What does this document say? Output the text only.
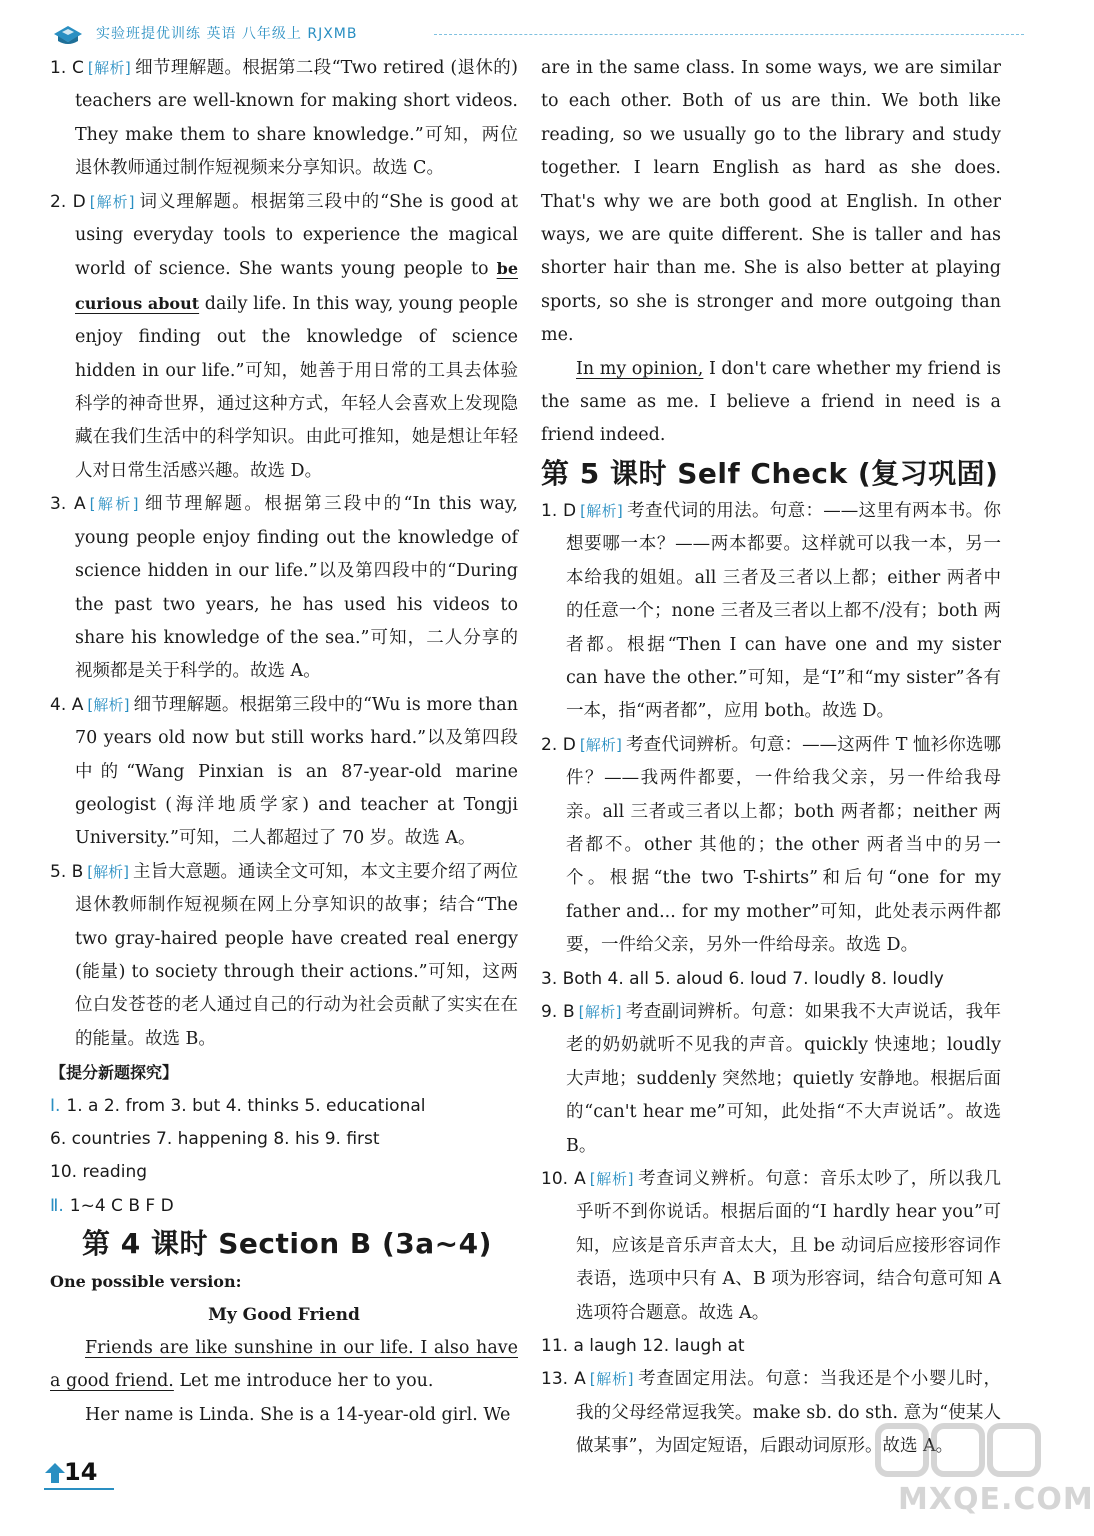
实验班提优训练 英语 八年级上 RJXMB

1. C [解析] 细节理解题。根据第二段“Two retired (退休的) teachers are well-known for making short videos. They make them to share knowledge.”可知，两位退休教师通过制作短视频来分享知识。故选 C。

2. D [解析] 词义理解题。根据第三段中的“She is good at using everyday tools to experience the magical world of science. She wants young people to be curious about daily life. In this way, young people enjoy finding out the knowledge of science hidden in our life.”可知，她善于用日常的工具去体验科学的神奇世界，通过这种方式，年轻人会喜欢上发现隐藏在我们生活中的科学知识。由此可推知，她是想让年轻人对日常生活感兴趣。故选 D。

3. A [解析] 细节理解题。根据第三段中的“In this way, young people enjoy finding out the knowledge of science hidden in our life.”以及第四段中的“During the past two years, he has used his videos to share his knowledge of the sea.”可知，二人分享的视频都是关于科学的。故选 A。

4. A [解析] 细节理解题。根据第三段中的“Wu is more than 70 years old now but still works hard.”以及第四段中的“Wang Pinxian is an 87-year-old marine geologist (海洋地质学家) and teacher at Tongji University.”可知，二人都超过了 70 岁。故选 A。

5. B [解析] 主旨大意题。通读全文可知，本文主要介绍了两位退休教师制作短视频在网上分享知识的故事；结合“The two gray-haired people have created real energy (能量) to society through their actions.”可知，这两位白发苍苍的老人通过自己的行动为社会贡献了实实在在的能量。故选 B。

【提分新题探究】

Ⅰ. 1. a 2. from 3. but 4. thinks 5. educational

6. countries 7. happening 8. his 9. first

10. reading

Ⅱ. 1~4 C B F D

第 4 课时 Section B (3a~4)

One possible version:

My Good Friend

Friends are like sunshine in our life. I also have a good friend. Let me introduce her to you.

Her name is Linda. She is a 14-year-old girl. We

are in the same class. In some ways, we are similar to each other. Both of us are thin. We both like reading, so we usually go to the library and study together. I learn English as hard as she does. That's why we are both good at English. In other ways, we are quite different. She is taller and has shorter hair than me. She is also better at playing sports, so she is stronger and more outgoing than me.

In my opinion, I don't care whether my friend is the same as me. I believe a friend in need is a friend indeed.

第 5 课时 Self Check (复习巩固)

1. D [解析] 考查代词的用法。句意：——这里有两本书。你想要哪一本？——两本都要。这样就可以我一本，另一本给我的姐姐。all 三者及三者以上都；either 两者中的任意一个；none 三者及三者以上都不/没有；both 两者都。根据“Then I can have one and my sister can have the other.”可知，是“I”和“my sister”各有一本，指“两者都”，应用 both。故选 D。

2. D [解析] 考查代词辨析。句意：——这两件 T 恤衫你选哪件？——我两件都要，一件给我父亲，另一件给我母亲。all 三者或三者以上都；both 两者都；neither 两者都不。other 其他的；the other 两者当中的另一个。根据“the two T-shirts”和后句“one for my father and... for my mother”可知，此处表示两件都要，一件给父亲，另外一件给母亲。故选 D。

3. Both 4. all 5. aloud 6. loud 7. loudly 8. loudly

9. B [解析] 考查副词辨析。句意：如果我不大声说话，我年老的奶奶就听不见我的声音。quickly 快速地；loudly 大声地；suddenly 突然地；quietly 安静地。根据后面的“can't hear me”可知，此处指“不大声说话”。故选 B。

10. A [解析] 考查词义辨析。句意：音乐太吵了，所以我几乎听不到你说话。根据后面的“I hardly hear you”可知，应该是音乐声音太大，且 be 动词后应接形容词作表语，选项中只有 A、B 项为形容词，结合句意可知 A 选项符合题意。故选 A。

11. a laugh 12. laugh at

13. A [解析] 考查固定用法。句意：当我还是个小婴儿时，我的父母经常逗我笑。make sb. do sth. 意为“使某人做某事”，为固定短语，后跟动词原形。故选 A。

14
MXQE.COM
